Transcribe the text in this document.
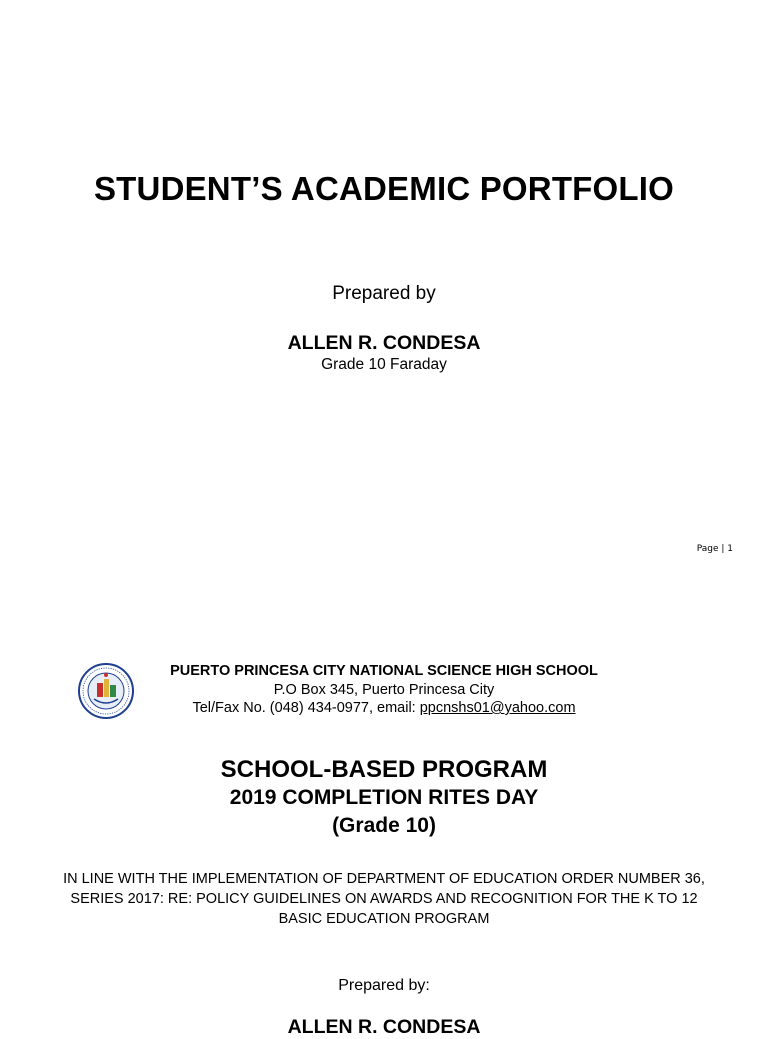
STUDENT’S ACADEMIC PORTFOLIO
Prepared by
ALLEN R. CONDESA
Grade 10 Faraday
Page | 1
PUERTO PRINCESA CITY NATIONAL SCIENCE HIGH SCHOOL
P.O Box 345, Puerto Princesa City
Tel/Fax No. (048) 434-0977, email: ppcnshs01@yahoo.com
SCHOOL-BASED PROGRAM
2019 COMPLETION RITES DAY
(Grade 10)
IN LINE WITH THE IMPLEMENTATION OF DEPARTMENT OF EDUCATION ORDER NUMBER 36,
SERIES 2017: RE: POLICY GUIDELINES ON AWARDS AND RECOGNITION FOR THE K TO 12
BASIC EDUCATION PROGRAM
Prepared by:
ALLEN R. CONDESA
